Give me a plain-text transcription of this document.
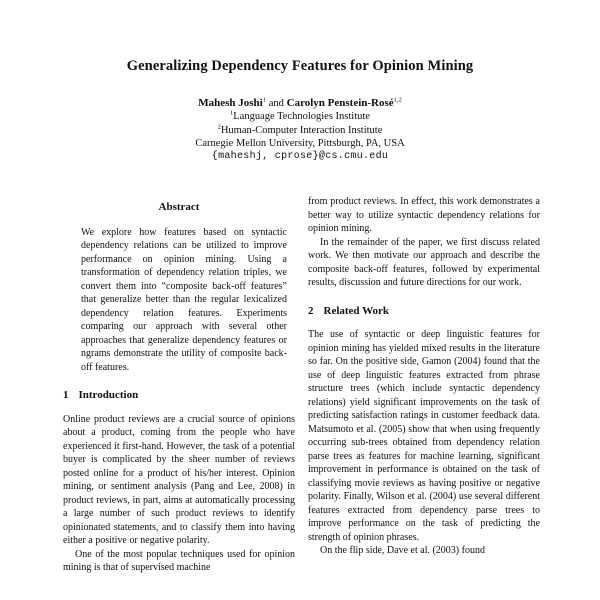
Generalizing Dependency Features for Opinion Mining
Mahesh Joshi$^1$ and Carolyn Penstein-Rosé$^{1,2}$
$^1$Language Technologies Institute
$^2$Human-Computer Interaction Institute
Carnegie Mellon University, Pittsburgh, PA, USA
{maheshj, cprose}@cs.cmu.edu
Abstract

We explore how features based on syntactic dependency relations can be utilized to improve performance on opinion mining. Using a transformation of dependency relation triples, we convert them into “composite back-off features” that generalize better than the regular lexicalized dependency relation features. Experiments comparing our approach with several other approaches that generalize dependency features or ngrams demonstrate the utility of composite back-off features.

1 Introduction

Online product reviews are a crucial source of opinions about a product, coming from the people who have experienced it first-hand. However, the task of a potential buyer is complicated by the sheer number of reviews posted online for a product of his/her interest. Opinion mining, or sentiment analysis (Pang and Lee, 2008) in product reviews, in part, aims at automatically processing a large number of such product reviews to identify opinionated statements, and to classify them into having either a positive or negative polarity.

One of the most popular techniques used for opinion mining is that of supervised machine

from product reviews. In effect, this work demonstrates a better way to utilize syntactic dependency relations for opinion mining.

In the remainder of the paper, we first discuss related work. We then motivate our approach and describe the composite back-off features, followed by experimental results, discussion and future directions for our work.

2 Related Work

The use of syntactic or deep linguistic features for opinion mining has yielded mixed results in the literature so far. On the positive side, Gamon (2004) found that the use of deep linguistic features extracted from phrase structure trees (which include syntactic dependency relations) yield significant improvements on the task of predicting satisfaction ratings in customer feedback data. Matsumoto et al. (2005) show that when using frequently occurring sub-trees obtained from dependency relation parse trees as features for machine learning, significant improvement in performance is obtained on the task of classifying movie reviews as having positive or negative polarity. Finally, Wilson et al. (2004) use several different features extracted from dependency parse trees to improve performance on the task of predicting the strength of opinion phrases.

On the flip side, Dave et al. (2003) found
